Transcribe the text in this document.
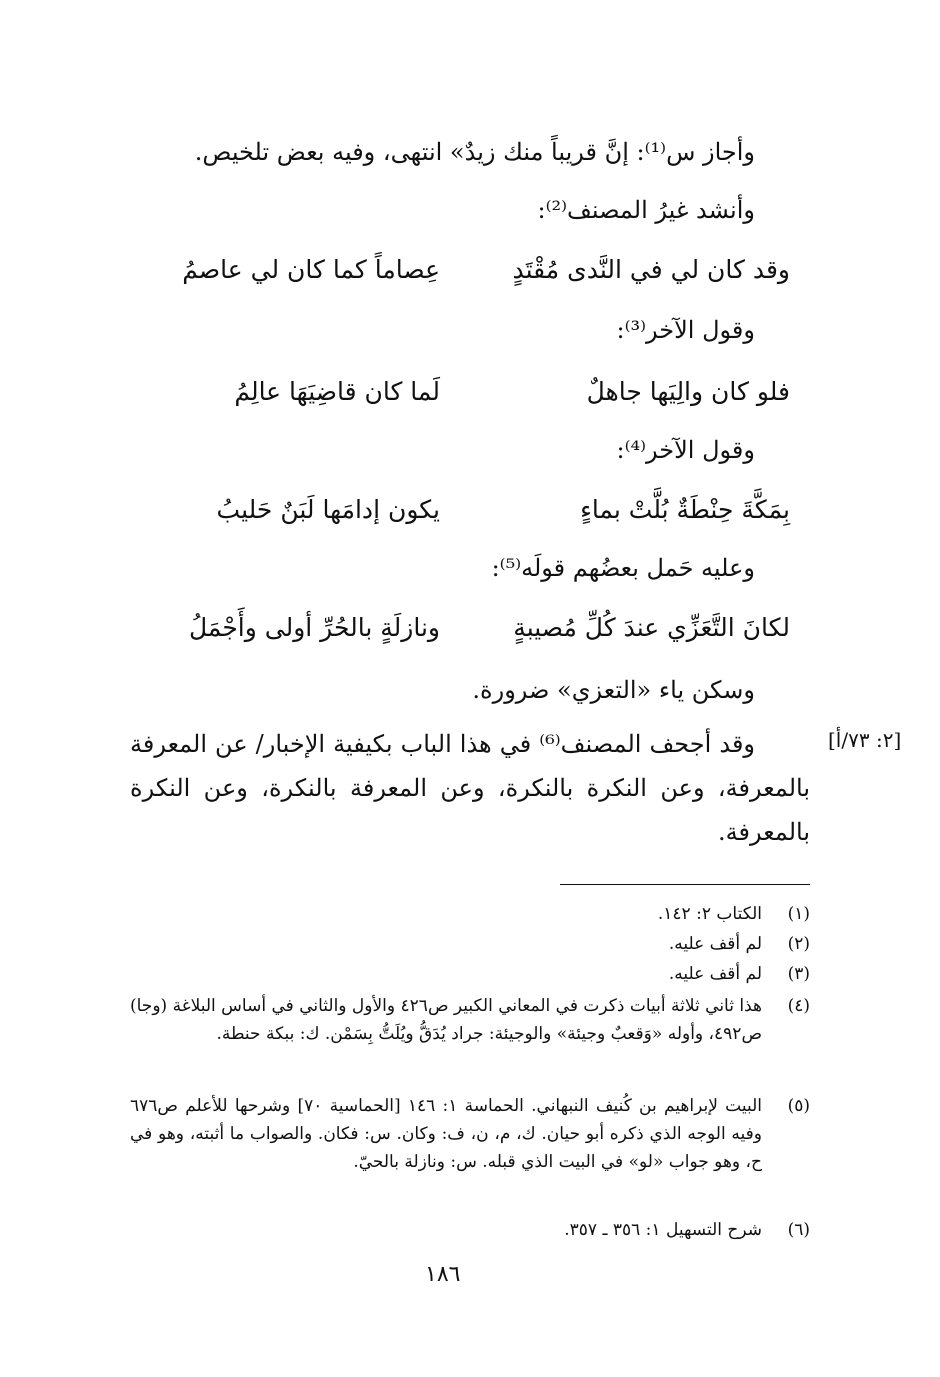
وأجاز س⁽¹⁾: إنَّ قريباً منك زيدٌ» انتهى، وفيه بعض تلخيص.
وأنشد غيرُ المصنف⁽²⁾:
وقد كان لي في النَّدى مُقْتَدٍ
عِصاماً كما كان لي عاصمُ
وقول الآخر⁽³⁾:
فلو كان والِيَها جاهلٌ
لَما كان قاضِيَهَا عالِمُ
وقول الآخر⁽⁴⁾:
بِمَكَّةَ حِنْطَةٌ بُلَّتْ بماءٍ
يكون إدامَها لَبَنٌ حَليبُ
وعليه حَمل بعضُهم قولَه⁽⁵⁾:
لكانَ التَّعَزِّي عندَ كُلِّ مُصيبةٍ
ونازلَةٍ بالحُرِّ أولى وأَجْمَلُ
وسكن ياء «التعزي» ضرورة.
[٢: ٧٣/أ]
وقد أجحف المصنف⁽⁶⁾ في هذا الباب بكيفية الإخبار/ عن المعرفة بالمعرفة، وعن النكرة بالنكرة، وعن المعرفة بالنكرة، وعن النكرة بالمعرفة.
(١)
الكتاب ٢: ١٤٢.
(٢)
لم أقف عليه.
(٣)
لم أقف عليه.
(٤)
هذا ثاني ثلاثة أبيات ذكرت في المعاني الكبير ص٤٢٦ والأول والثاني في أساس البلاغة (وجا) ص٤٩٢، وأوله «وَقعبٌ وجيئة» والوجيئة: جراد يُدَقُّ ويُلَتُّ بِسَمْن. ك: ببكة حنطة.
(٥)
البيت لإبراهيم بن كُنيف النبهاني. الحماسة ١: ١٤٦ [الحماسية ٧٠] وشرحها للأعلم ص٦٧٦ وفيه الوجه الذي ذكره أبو حيان. ك، م، ن، ف: وكان. س: فكان. والصواب ما أثبته، وهو في ح، وهو جواب «لو» في البيت الذي قبله. س: ونازلة بالحيّ.
(٦)
شرح التسهيل ١: ٣٥٦ ـ ٣٥٧.
١٨٦
